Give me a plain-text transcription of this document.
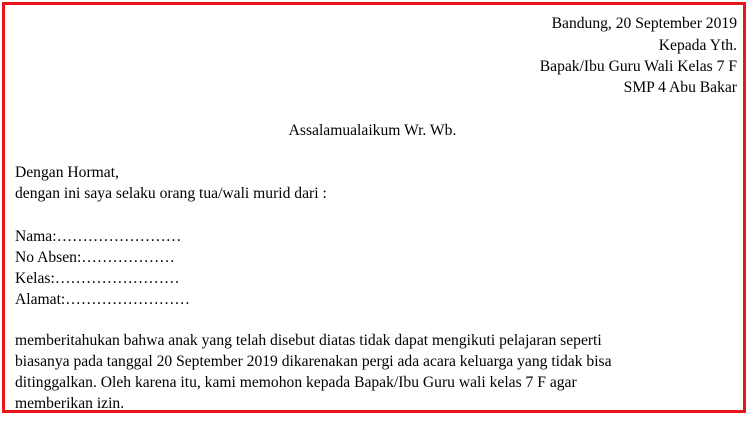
Bandung, 20 September 2019
Kepada Yth.
Bapak/Ibu Guru Wali Kelas 7 F
SMP 4 Abu Bakar
Assalamualaikum Wr. Wb.
Dengan Hormat,
dengan ini saya selaku orang tua/wali murid dari :
Nama:……………………
No Absen:………………
Kelas:……………………
Alamat:……………………
memberitahukan bahwa anak yang telah disebut diatas tidak dapat mengikuti pelajaran seperti
biasanya pada tanggal 20 September 2019 dikarenakan pergi ada acara keluarga yang tidak bisa
ditinggalkan. Oleh karena itu, kami memohon kepada Bapak/Ibu Guru wali kelas 7 F agar
memberikan izin.
